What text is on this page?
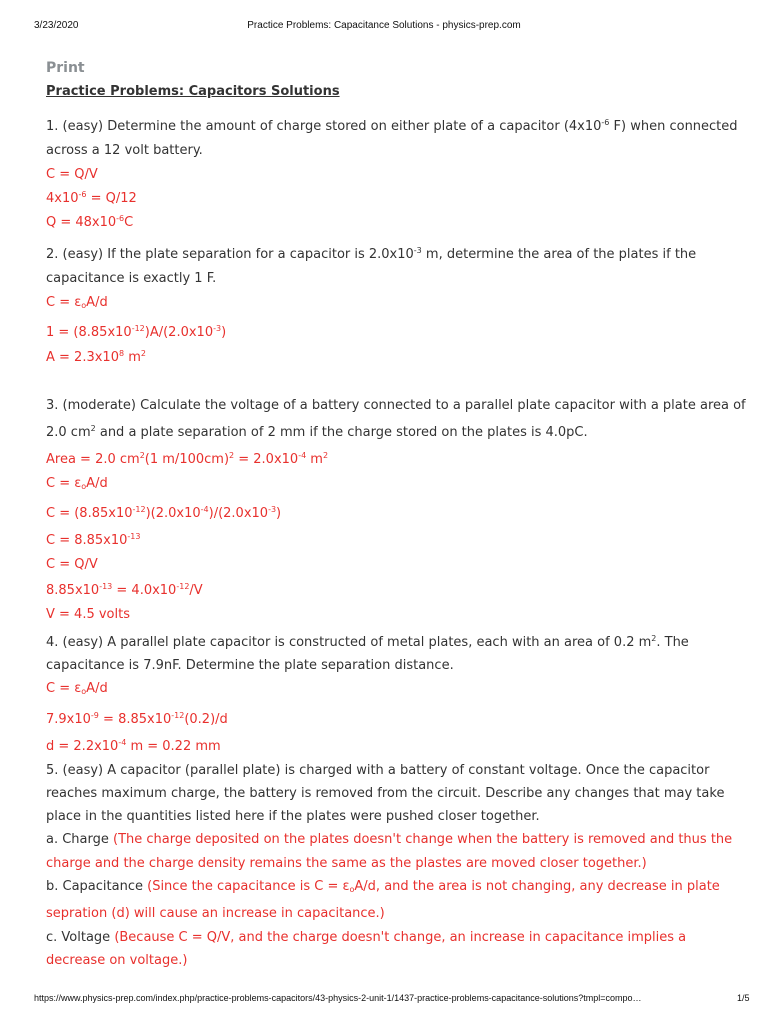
3/23/2020	Practice Problems: Capacitance Solutions - physics-prep.com
Print
Practice Problems: Capacitors Solutions
1. (easy) Determine the amount of charge stored on either plate of a capacitor ($4x10^{-6}$ F) when connected
across a 12 volt battery.
C = Q/V
$4x10^{-6} = Q/12$
$Q = 48x10^{-6}C$
2. (easy) If the plate separation for a capacitor is $2.0x10^{-3}$ m, determine the area of the plates if the
capacitance is exactly 1 F.
$C = \varepsilon_oA/d$
$1 = (8.85x10^{-12})A/(2.0x10^{-3})$
$A = 2.3x10^8$ $m^2$
3. (moderate) Calculate the voltage of a battery connected to a parallel plate capacitor with a plate area of
2.0 $cm^2$ and a plate separation of 2 mm if the charge stored on the plates is 4.0pC.
Area = 2.0 $cm^2(1$ $m/100cm)^2 = 2.0x10^{-4}$ $m^2$
$C = \varepsilon_oA/d$
$C = (8.85x10^{-12})(2.0x10^{-4})/(2.0x10^{-3})$
$C = 8.85x10^{-13}$
C = Q/V
$8.85x10^{-13} = 4.0x10^{-12}/V$
V = 4.5 volts
4. (easy) A parallel plate capacitor is constructed of metal plates, each with an area of 0.2 $m^2$. The
capacitance is 7.9nF. Determine the plate separation distance.
$C = \varepsilon_oA/d$
$7.9x10^{-9} = 8.85x10^{-12}(0.2)/d$
$d = 2.2x10^{-4}$ m = 0.22 mm
5. (easy) A capacitor (parallel plate) is charged with a battery of constant voltage. Once the capacitor
reaches maximum charge, the battery is removed from the circuit. Describe any changes that may take
place in the quantities listed here if the plates were pushed closer together.
a. Charge (The charge deposited on the plates doesn't change when the battery is removed and thus the
charge and the charge density remains the same as the plastes are moved closer together.)
b. Capacitance (Since the capacitance is $C = \varepsilon_oA/d$, and the area is not changing, any decrease in plate
sepration (d) will cause an increase in capacitance.)
c. Voltage (Because C = Q/V, and the charge doesn't change, an increase in capacitance implies a
decrease on voltage.)
https://www.physics-prep.com/index.php/practice-problems-capacitors/43-physics-2-unit-1/1437-practice-problems-capacitance-solutions?tmpl=compo…	1/5
